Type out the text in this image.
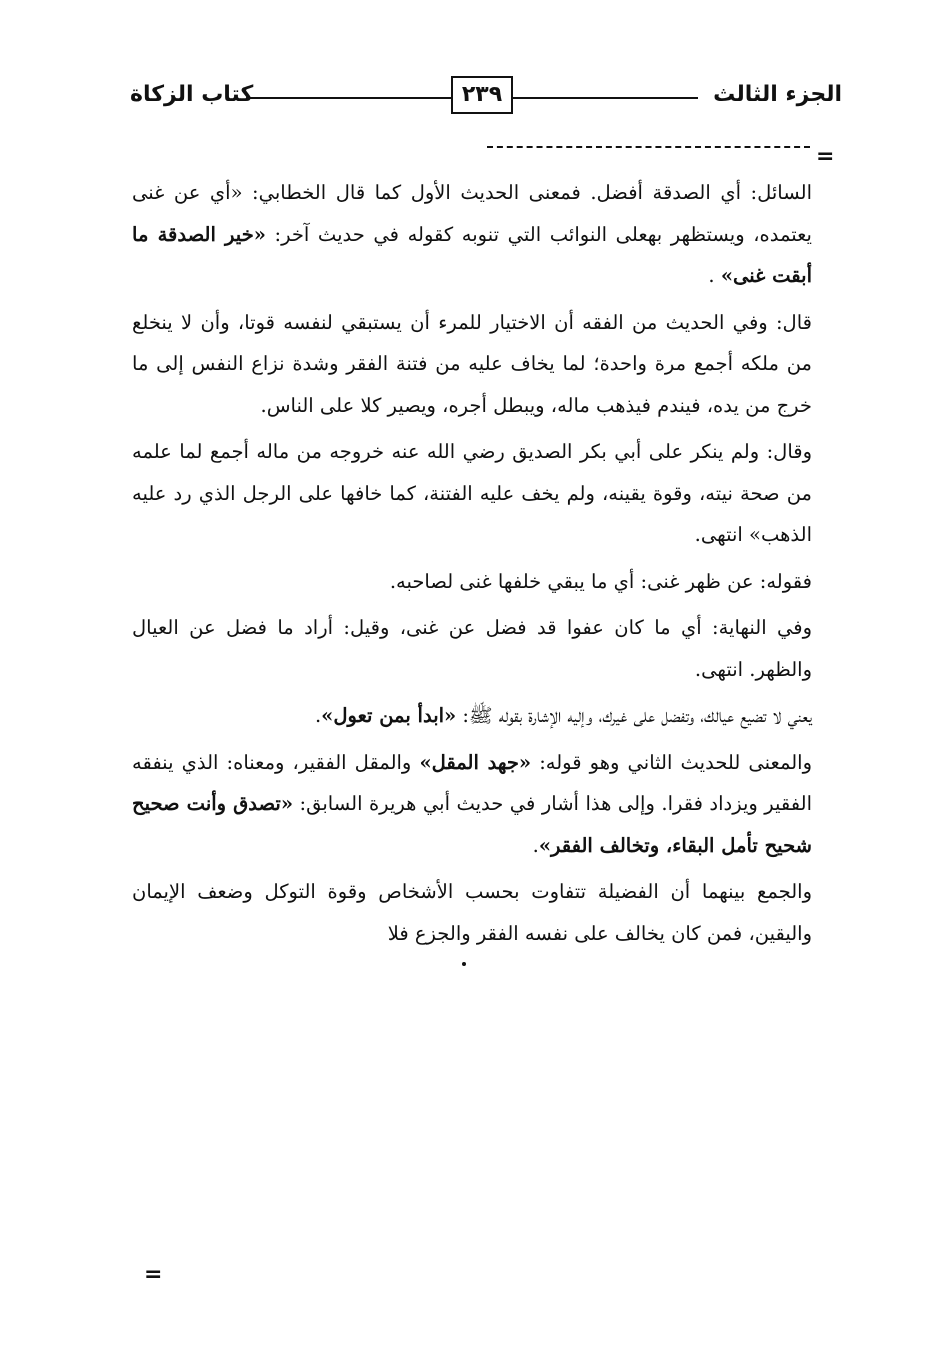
الجزء الثالث
٢٣٩
كتاب الزكاة
=

السائل: أي الصدقة أفضل. فمعنى الحديث الأول كما قال الخطابي: «أي عن غنى يعتمده، ويستظهر بهعلى النوائب التي تنوبه كقوله في حديث آخر: «خير الصدقة ما أبقت غنى» .

قال: وفي الحديث من الفقه أن الاختيار للمرء أن يستبقي لنفسه قوتا، وأن لا ينخلع من ملكه أجمع مرة واحدة؛ لما يخاف عليه من فتنة الفقر وشدة نزاع النفس إلى ما خرج من يده، فيندم فيذهب ماله، ويبطل أجره، ويصير كلا على الناس.

وقال: ولم ينكر على أبي بكر الصديق رضي الله عنه خروجه من ماله أجمع لما علمه من صحة نيته، وقوة يقينه، ولم يخف عليه الفتنة، كما خافها على الرجل الذي رد عليه الذهب» انتهى.

فقوله: عن ظهر غنى: أي ما يبقي خلفها غنى لصاحبه.

وفي النهاية: أي ما كان عفوا قد فضل عن غنى، وقيل: أراد ما فضل عن العيال والظهر. انتهى.

يعني لا تضيع عيالك، وتفضل على غيرك، وإليه الإشارة بقوله ﷺ: «ابدأ بمن تعول».

والمعنى للحديث الثاني وهو قوله: «جهد المقل» والمقل الفقير، ومعناه: الذي ينفقه الفقير ويزداد فقرا. وإلى هذا أشار في حديث أبي هريرة السابق: «تصدق وأنت صحيح شحيح تأمل البقاء، وتخالف الفقر».

والجمع بينهما أن الفضيلة تتفاوت بحسب الأشخاص وقوة التوكل وضعف الإيمان واليقين، فمن كان يخالف على نفسه الفقر والجزع فلا

=
